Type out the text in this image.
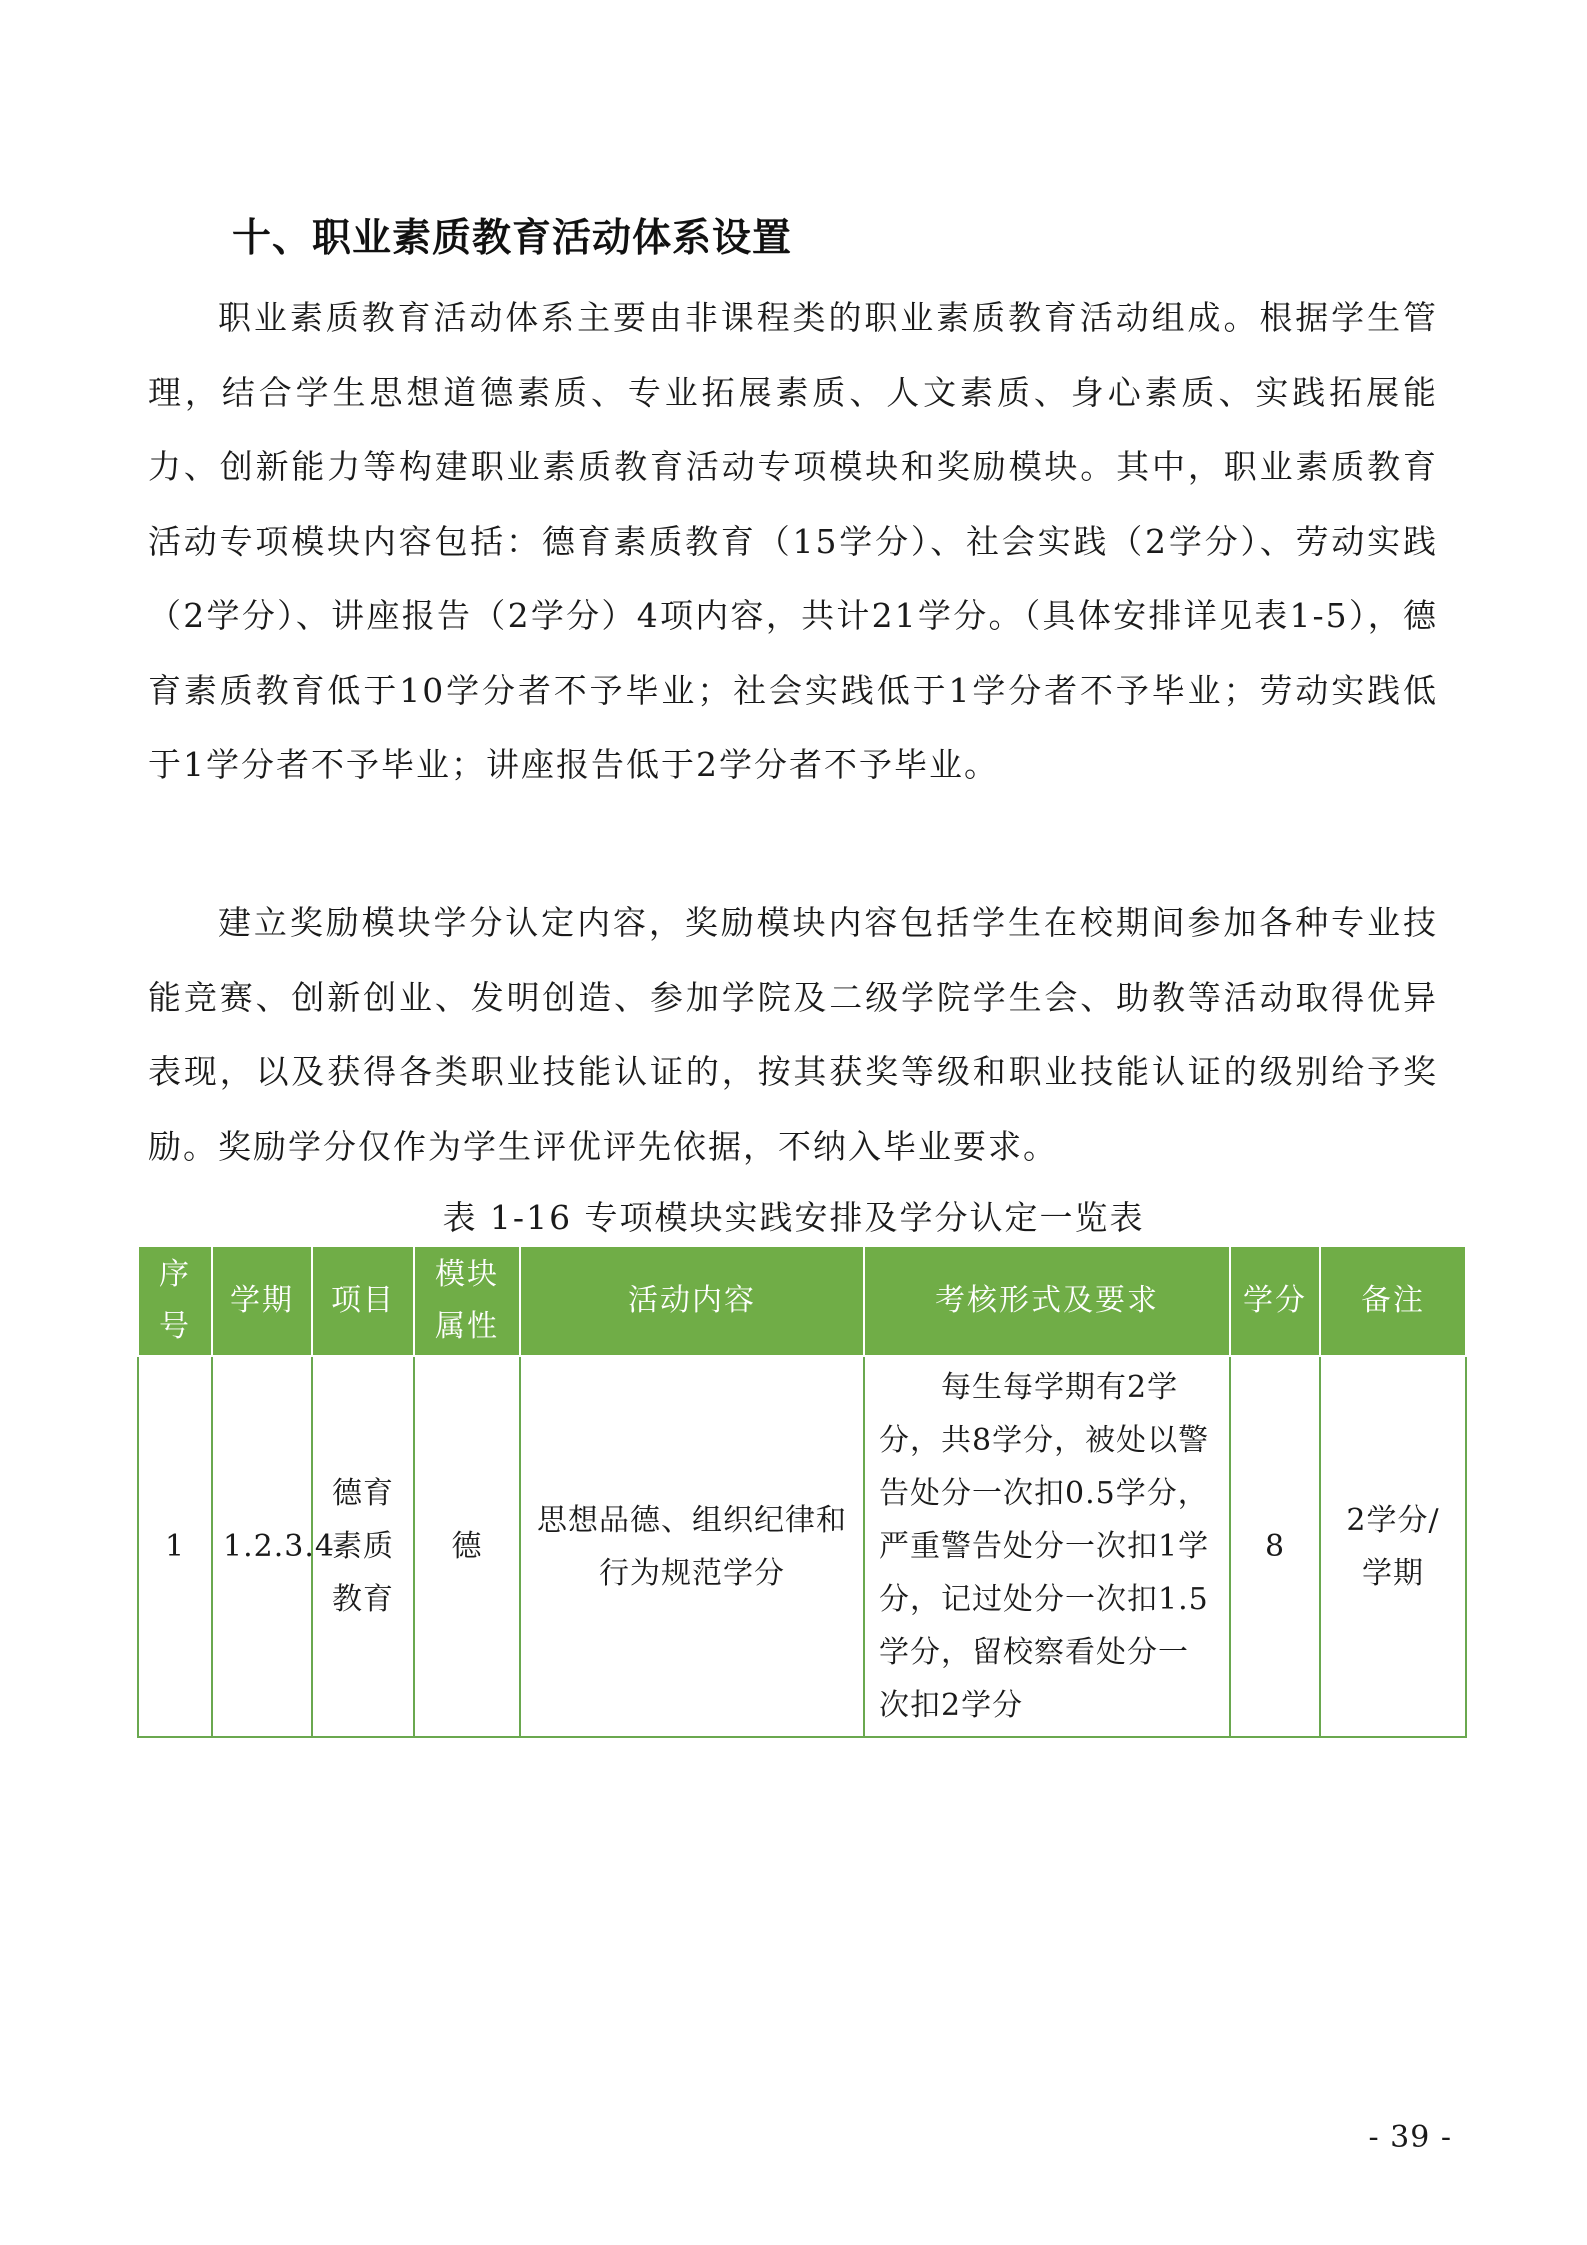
十、职业素质教育活动体系设置

职业素质教育活动体系主要由非课程类的职业素质教育活动组成。根据学生管理，结合学生思想道德素质、专业拓展素质、人文素质、身心素质、实践拓展能力、创新能力等构建职业素质教育活动专项模块和奖励模块。其中，职业素质教育活动专项模块内容包括：德育素质教育（15学分）、社会实践（2学分）、劳动实践（2学分）、讲座报告（2学分）4项内容，共计21学分。（具体安排详见表1-5），德育素质教育低于10学分者不予毕业；社会实践低于1学分者不予毕业；劳动实践低于1学分者不予毕业；讲座报告低于2学分者不予毕业。

建立奖励模块学分认定内容，奖励模块内容包括学生在校期间参加各种专业技能竞赛、创新创业、发明创造、参加学院及二级学院学生会、助教等活动取得优异表现，以及获得各类职业技能认证的，按其获奖等级和职业技能认证的级别给予奖励。奖励学分仅作为学生评优评先依据，不纳入毕业要求。

表 1-16 专项模块实践安排及学分认定一览表
序号	学期	项目	模块属性	活动内容	考核形式及要求	学分	备注
1	1.2.3.4	德育素质教育	德	思想品德、组织纪律和行为规范学分	每生每学期有2学分，共8学分，被处以警告处分一次扣0.5学分，严重警告处分一次扣1学分，记过处分一次扣1.5学分，留校察看处分一次扣2学分	8	2学分/学期
- 39 -
